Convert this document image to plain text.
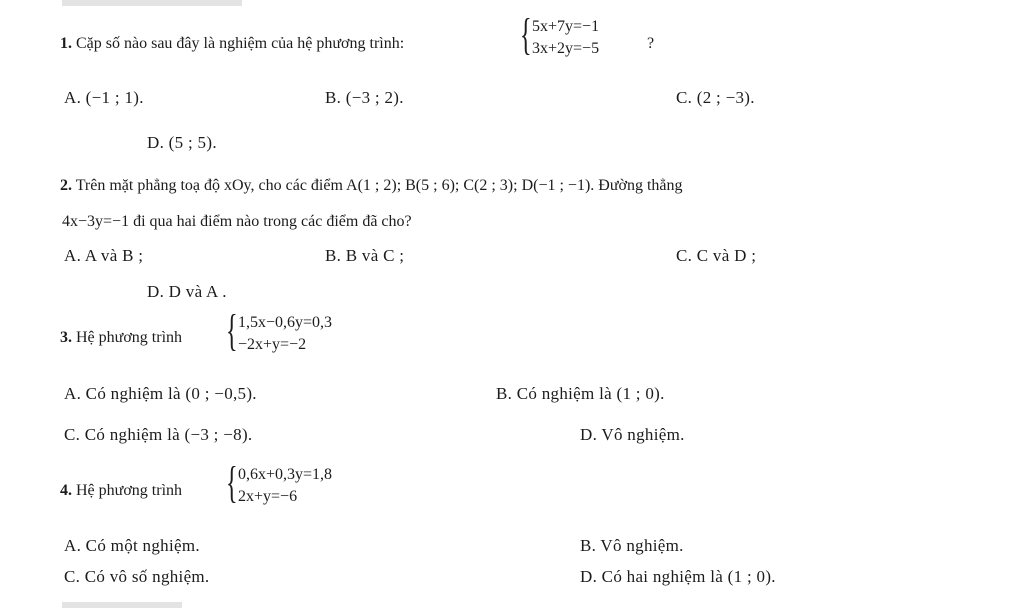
1. Cặp số nào sau đây là nghiệm của hệ phương trình:	{ 5x+7y=−1
3x+2y=−5	?
A. (−1 ; 1).	B. (−3 ; 2).	C. (2 ; −3).
D. (5 ; 5).
2. Trên mặt phẳng toạ độ xOy, cho các điểm A(1 ; 2); B(5 ; 6); C(2 ; 3); D(−1 ; −1). Đường thẳng
4x−3y=−1 đi qua hai điểm nào trong các điểm đã cho?
A. A và B ;	B. B và C ;	C. C và D ;
D. D và A .
3. Hệ phương trình { 1,5x−0,6y=0,3
−2x+y=−2
A. Có nghiệm là (0 ; −0,5).	B. Có nghiệm là (1 ; 0).
C. Có nghiệm là (−3 ; −8).	D. Vô nghiệm.
4. Hệ phương trình { 0,6x+0,3y=1,8
2x+y=−6
A. Có một nghiệm.	B. Vô nghiệm.
C. Có vô số nghiệm.	D. Có hai nghiệm là (1 ; 0).
